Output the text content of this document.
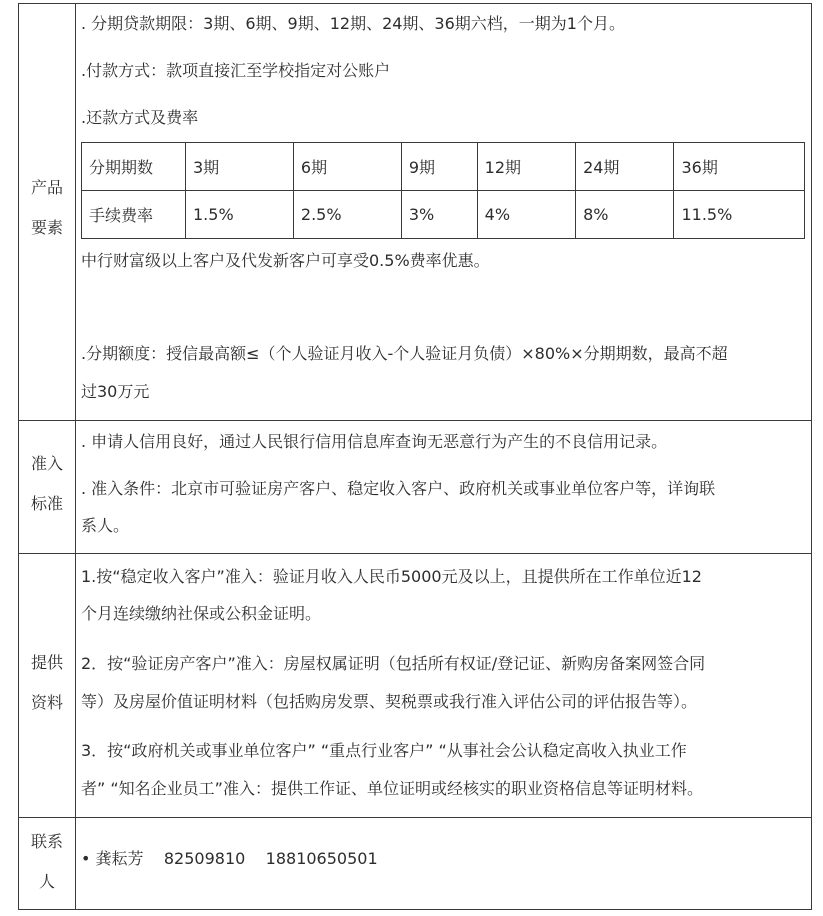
产品
要素
. 分期贷款期限：3期、6期、9期、12期、24期、36期六档，一期为1个月。
.付款方式：款项直接汇至学校指定对公账户
.还款方式及费率
分期期数	3期	6期	9期	12期	24期	36期
手续费率	1.5%	2.5%	3%	4%	8%	11.5%
中行财富级以上客户及代发新客户可享受0.5%费率优惠。
.分期额度：授信最高额≤（个人验证月收入-个人验证月负债）×80%×分期期数，最高不超
过30万元
准入
标准
. 申请人信用良好，通过人民银行信用信息库查询无恶意行为产生的不良信用记录。
. 准入条件：北京市可验证房产客户、稳定收入客户、政府机关或事业单位客户等，详询联
系人。
提供
资料
1.按“稳定收入客户”准入：验证月收入人民币5000元及以上，且提供所在工作单位近12
个月连续缴纳社保或公积金证明。
2．按“验证房产客户”准入：房屋权属证明（包括所有权证/登记证、新购房备案网签合同
等）及房屋价值证明材料（包括购房发票、契税票或我行准入评估公司的评估报告等）。
3．按“政府机关或事业单位客户” “重点行业客户” “从事社会公认稳定高收入执业工作
者” “知名企业员工”准入：提供工作证、单位证明或经核实的职业资格信息等证明材料。
联系
人
• 龚耘芳    82509810    18810650501
